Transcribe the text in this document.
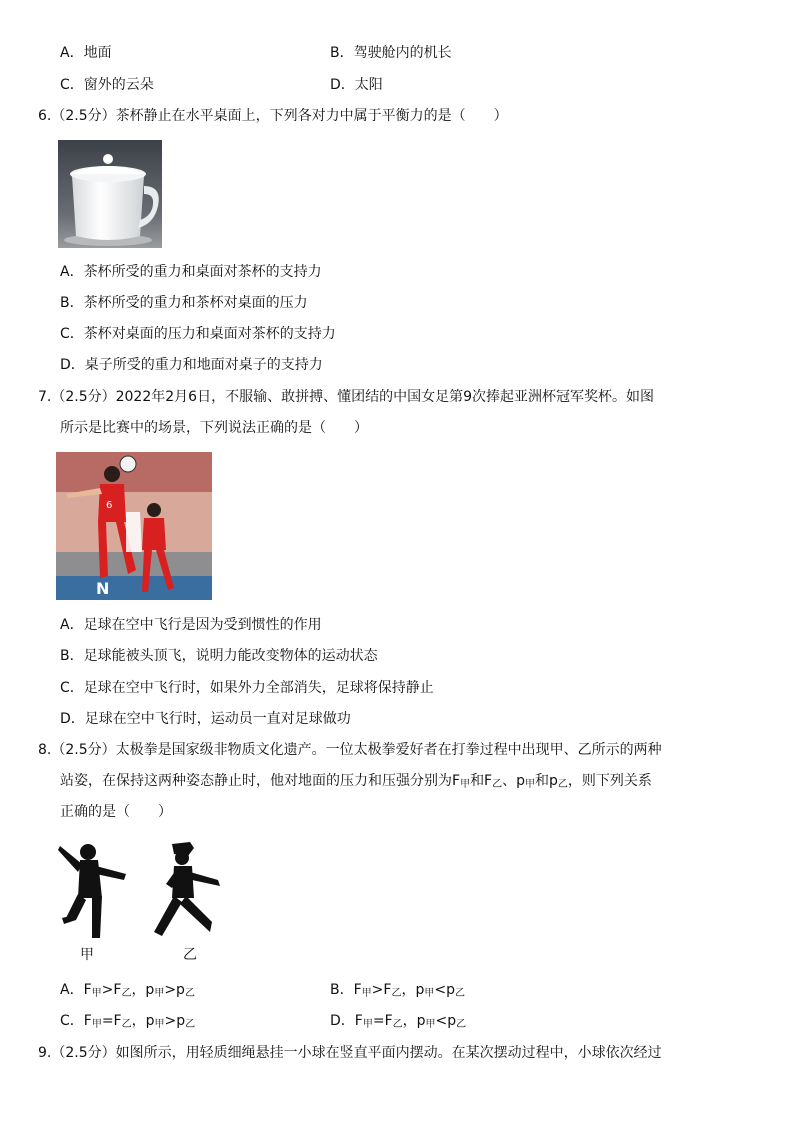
A．地面	B．驾驶舱内的机长
C．窗外的云朵	D．太阳
6.（2.5分）茶杯静止在水平桌面上，下列各对力中属于平衡力的是（　　）
A．茶杯所受的重力和桌面对茶杯的支持力
B．茶杯所受的重力和茶杯对桌面的压力
C．茶杯对桌面的压力和桌面对茶杯的支持力
D．桌子所受的重力和地面对桌子的支持力
7.（2.5分）2022年2月6日，不服输、敢拼搏、懂团结的中国女足第9次捧起亚洲杯冠军奖杯。如图
所示是比赛中的场景，下列说法正确的是（　　）
N
6
A．足球在空中飞行是因为受到惯性的作用
B．足球能被头顶飞，说明力能改变物体的运动状态
C．足球在空中飞行时，如果外力全部消失，足球将保持静止
D．足球在空中飞行时，运动员一直对足球做功
8.（2.5分）太极拳是国家级非物质文化遗产。一位太极拳爱好者在打拳过程中出现甲、乙所示的两种
站姿，在保持这两种姿态静止时，他对地面的压力和压强分别为$F_甲$和$F_乙$、$p_甲$和$p_乙$，则下列关系
正确的是（　　）
甲	乙
A．$F_甲>F_乙$，$p_甲>p_乙$	B．$F_甲>F_乙$，$p_甲<p_乙$
C．$F_甲=F_乙$，$p_甲>p_乙$	D．$F_甲=F_乙$，$p_甲<p_乙$
9.（2.5分）如图所示，用轻质细绳悬挂一小球在竖直平面内摆动。在某次摆动过程中，小球依次经过
